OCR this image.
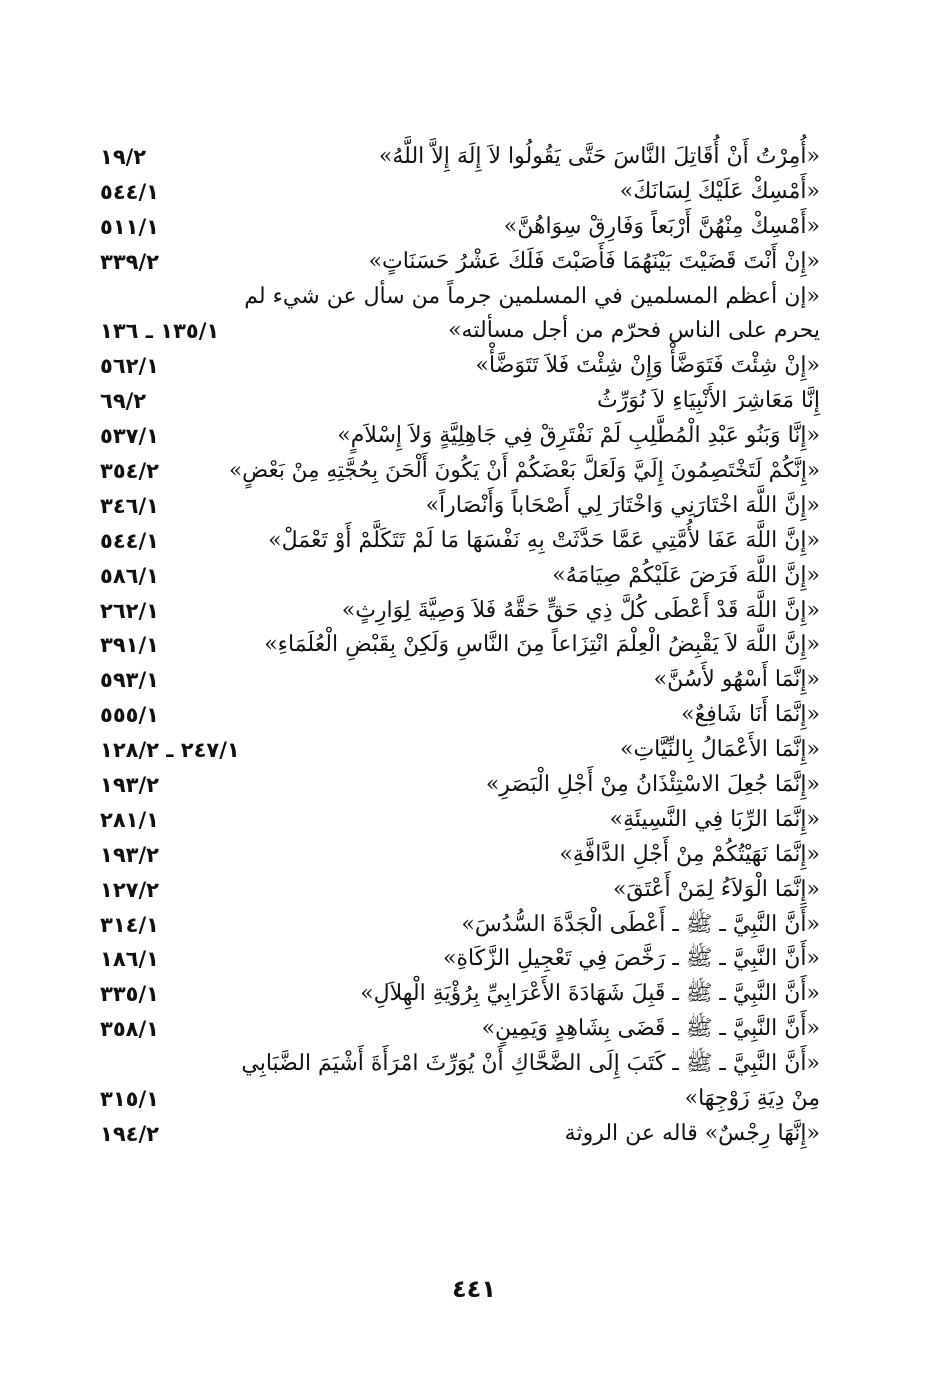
«أُمِرْتُ أَنْ أُقَاتِلَ النَّاسَ حَتَّى يَقُولُوا لاَ إِلَهَ إِلاَّ اللَّهُ»
١٩/٢
«أَمْسِكْ عَلَيْكَ لِسَانَكَ»
٥٤٤/١
«أَمْسِكْ مِنْهُنَّ أَرْبَعاً وَفَارِقْ سِوَاهُنَّ»
٥١١/١
«إِنْ أَنْتَ قَضَيْتَ بَيْنَهُمَا فَأَصَبْتَ فَلَكَ عَشْرُ حَسَنَاتٍ»
٣٣٩/٢
«إن أعظم المسلمين في المسلمين جرماً من سأل عن شيء لم
يحرم على الناس فحرّم من أجل مسألته»
١٣٥/١ ـ ١٣٦
«إِنْ شِئْتَ فَتَوَضَّأْ وَإِنْ شِئْتَ فَلاَ تَتَوَضَّأْ»
٥٦٢/١
إِنَّا مَعَاشِرَ الأَنْبِيَاءِ لاَ نُوَرِّثُ
٦٩/٢
«إِنَّا وَبَنُو عَبْدِ الْمُطَّلِبِ لَمْ نَفْتَرِقْ فِي جَاهِلِيَّةٍ وَلاَ إِسْلاَمٍ»
٥٣٧/١
«إِنَّكُمْ لَتَخْتَصِمُونَ إِلَيَّ وَلَعَلَّ بَعْضَكُمْ أَنْ يَكُونَ أَلْحَنَ بِحُجَّتِهِ مِنْ بَعْضٍ»
٣٥٤/٢
«إِنَّ اللَّهَ اخْتَارَنِي وَاخْتَارَ لِي أَصْحَاباً وَأَنْصَاراً»
٣٤٦/١
«إِنَّ اللَّهَ عَفَا لأُمَّتِي عَمَّا حَدَّثَتْ بِهِ نَفْسَهَا مَا لَمْ تَتَكَلَّمْ أَوْ تَعْمَلْ»
٥٤٤/١
«إِنَّ اللَّهَ فَرَضَ عَلَيْكُمْ صِيَامَهُ»
٥٨٦/١
«إِنَّ اللَّهَ قَدْ أَعْطَى كُلَّ ذِي حَقٍّ حَقَّهُ فَلاَ وَصِيَّةَ لِوَارِثٍ»
٢٦٢/١
«إِنَّ اللَّهَ لاَ يَقْبِضُ الْعِلْمَ انْتِزَاعاً مِنَ النَّاسِ وَلَكِنْ بِقَبْضِ الْعُلَمَاءِ»
٣٩١/١
«إِنَّمَا أَسْهُو لأَسُنَّ»
٥٩٣/١
«إِنَّمَا أَنَا شَافِعٌ»
٥٥٥/١
«إِنَّمَا الأَعْمَالُ بِالنِّيَّاتِ»
٢٤٧/١ ـ ١٢٨/٢
«إِنَّمَا جُعِلَ الاسْتِئْذَانُ مِنْ أَجْلِ الْبَصَرِ»
١٩٣/٢
«إِنَّمَا الرِّبَا فِي النَّسِيئَةِ»
٢٨١/١
«إِنَّمَا نَهَيْتُكُمْ مِنْ أَجْلِ الدَّافَّةِ»
١٩٣/٢
«إِنَّمَا الْوَلاَءُ لِمَنْ أَعْتَقَ»
١٢٧/٢
«أَنَّ النَّبِيَّ ـ ﷺ ـ أَعْطَى الْجَدَّةَ السُّدُسَ»
٣١٤/١
«أَنَّ النَّبِيَّ ـ ﷺ ـ رَخَّصَ فِي تَعْجِيلِ الزَّكَاةِ»
١٨٦/١
«أَنَّ النَّبِيَّ ـ ﷺ ـ قَبِلَ شَهَادَةَ الأَعْرَابِيِّ بِرُؤْيَةِ الْهِلاَلِ»
٣٣٥/١
«أَنَّ النَّبِيَّ ـ ﷺ ـ قَضَى بِشَاهِدٍ وَيَمِينٍ»
٣٥٨/١
«أَنَّ النَّبِيَّ ـ ﷺ ـ كَتَبَ إِلَى الضَّحَّاكِ أَنْ يُوَرِّثَ امْرَأَةَ أَشْيَمَ الضَّبَابِي
مِنْ دِيَةِ زَوْجِهَا»
٣١٥/١
«إِنَّهَا رِجْسٌ» قاله عن الروثة
١٩٤/٢
٤٤١
